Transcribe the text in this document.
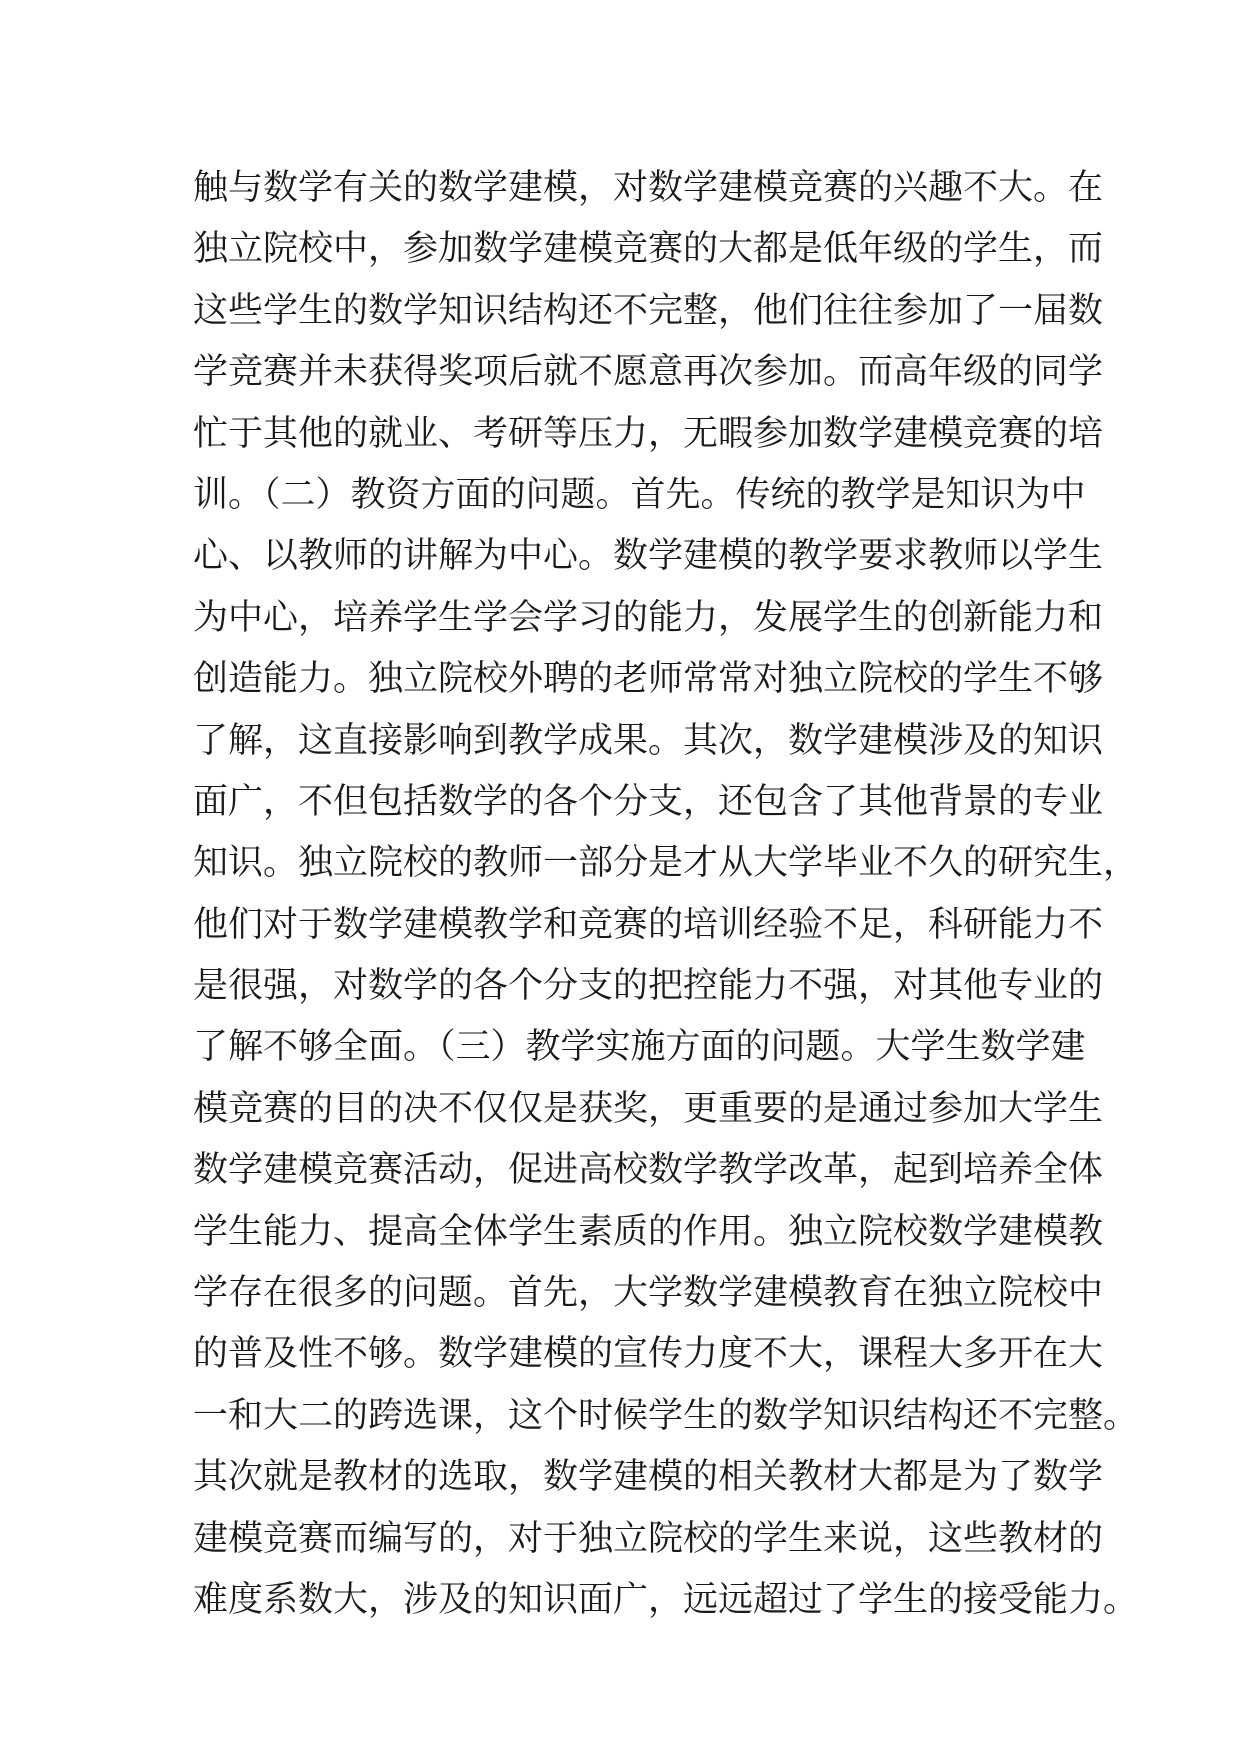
触与数学有关的数学建模，对数学建模竞赛的兴趣不大。在
独立院校中，参加数学建模竞赛的大都是低年级的学生，而
这些学生的数学知识结构还不完整，他们往往参加了一届数
学竞赛并未获得奖项后就不愿意再次参加。而高年级的同学
忙于其他的就业、考研等压力，无暇参加数学建模竞赛的培
训。（二）教资方面的问题。首先。传统的教学是知识为中
心、以教师的讲解为中心。数学建模的教学要求教师以学生
为中心，培养学生学会学习的能力，发展学生的创新能力和
创造能力。独立院校外聘的老师常常对独立院校的学生不够
了解，这直接影响到教学成果。其次，数学建模涉及的知识
面广，不但包括数学的各个分支，还包含了其他背景的专业
知识。独立院校的教师一部分是才从大学毕业不久的研究生，
他们对于数学建模教学和竞赛的培训经验不足，科研能力不
是很强，对数学的各个分支的把控能力不强，对其他专业的
了解不够全面。（三）教学实施方面的问题。大学生数学建
模竞赛的目的决不仅仅是获奖，更重要的是通过参加大学生
数学建模竞赛活动，促进高校数学教学改革，起到培养全体
学生能力、提高全体学生素质的作用。独立院校数学建模教
学存在很多的问题。首先，大学数学建模教育在独立院校中
的普及性不够。数学建模的宣传力度不大，课程大多开在大
一和大二的跨选课，这个时候学生的数学知识结构还不完整。
其次就是教材的选取，数学建模的相关教材大都是为了数学
建模竞赛而编写的，对于独立院校的学生来说，这些教材的
难度系数大，涉及的知识面广，远远超过了学生的接受能力。
